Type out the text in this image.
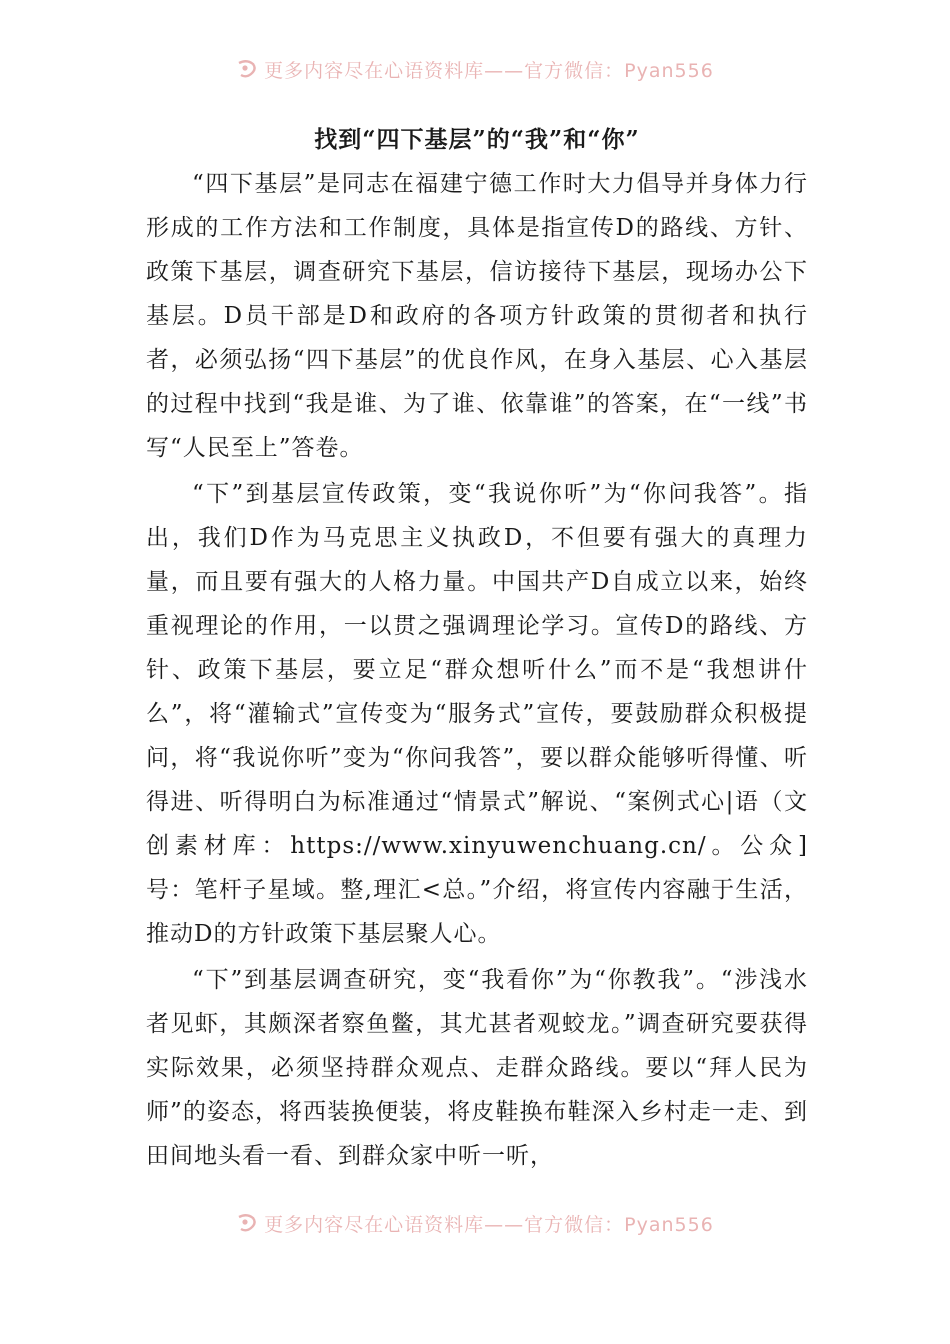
更多内容尽在心语资料库——官方微信：Pyan556
找到“四下基层”的“我”和“你”

“四下基层”是同志在福建宁德工作时大力倡导并身体力行形成的工作方法和工作制度，具体是指宣传D的路线、方针、政策下基层，调查研究下基层，信访接待下基层，现场办公下基层。D员干部是D和政府的各项方针政策的贯彻者和执行者，必须弘扬“四下基层”的优良作风，在身入基层、心入基层的过程中找到“我是谁、为了谁、依靠谁”的答案，在“一线”书写“人民至上”答卷。

“下”到基层宣传政策，变“我说你听”为“你问我答”。指出，我们D作为马克思主义执政D，不但要有强大的真理力量，而且要有强大的人格力量。中国共产D自成立以来，始终重视理论的作用，一以贯之强调理论学习。宣传D的路线、方针、政策下基层，要立足“群众想听什么”而不是“我想讲什么”，将“灌输式”宣传变为“服务式”宣传，要鼓励群众积极提问，将“我说你听”变为“你问我答”，要以群众能够听得懂、听得进、听得明白为标准通过“情景式”解说、“案例式心|语（文创素材库：https://www.xinyuwenchuang.cn/。公众]号：笔杆子星域。整,理汇<总。”介绍，将宣传内容融于生活，推动D的方针政策下基层聚人心。

“下”到基层调查研究，变“我看你”为“你教我”。“涉浅水者见虾，其颇深者察鱼鳖，其尤甚者观蛟龙。”调查研究要获得实际效果，必须坚持群众观点、走群众路线。要以“拜人民为师”的姿态，将西装换便装，将皮鞋换布鞋深入乡村走一走、到田间地头看一看、到群众家中听一听，

更多内容尽在心语资料库——官方微信：Pyan556
